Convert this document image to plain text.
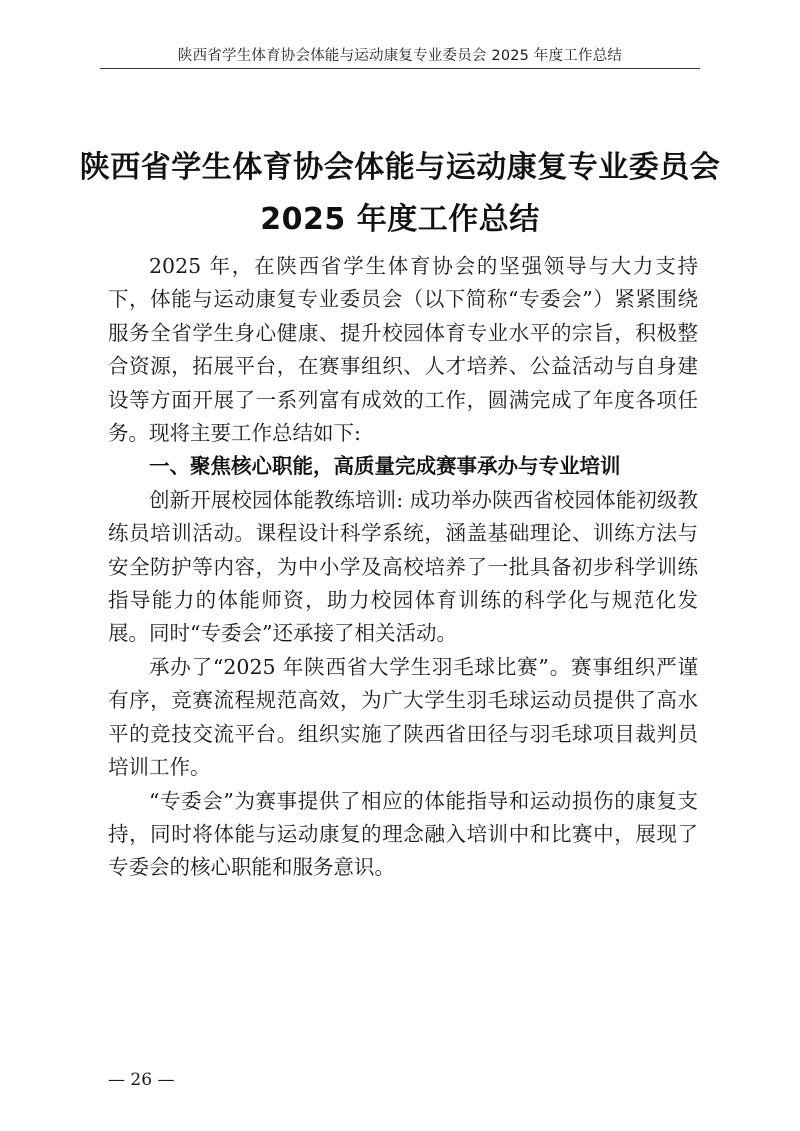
陕西省学生体育协会体能与运动康复专业委员会 2025 年度工作总结
陕西省学生体育协会体能与运动康复专业委员会
2025 年度工作总结

2025 年，在陕西省学生体育协会的坚强领导与大力支持下，体能与运动康复专业委员会（以下简称“专委会”）紧紧围绕服务全省学生身心健康、提升校园体育专业水平的宗旨，积极整合资源，拓展平台，在赛事组织、人才培养、公益活动与自身建设等方面开展了一系列富有成效的工作，圆满完成了年度各项任务。现将主要工作总结如下:

一、聚焦核心职能，高质量完成赛事承办与专业培训

创新开展校园体能教练培训: 成功举办陕西省校园体能初级教练员培训活动。课程设计科学系统，涵盖基础理论、训练方法与安全防护等内容，为中小学及高校培养了一批具备初步科学训练指导能力的体能师资，助力校园体育训练的科学化与规范化发展。同时“专委会”还承接了相关活动。

承办了“2025 年陕西省大学生羽毛球比赛”。赛事组织严谨有序，竞赛流程规范高效，为广大学生羽毛球运动员提供了高水平的竞技交流平台。组织实施了陕西省田径与羽毛球项目裁判员培训工作。

“专委会”为赛事提供了相应的体能指导和运动损伤的康复支持，同时将体能与运动康复的理念融入培训中和比赛中，展现了专委会的核心职能和服务意识。

— 26 —
